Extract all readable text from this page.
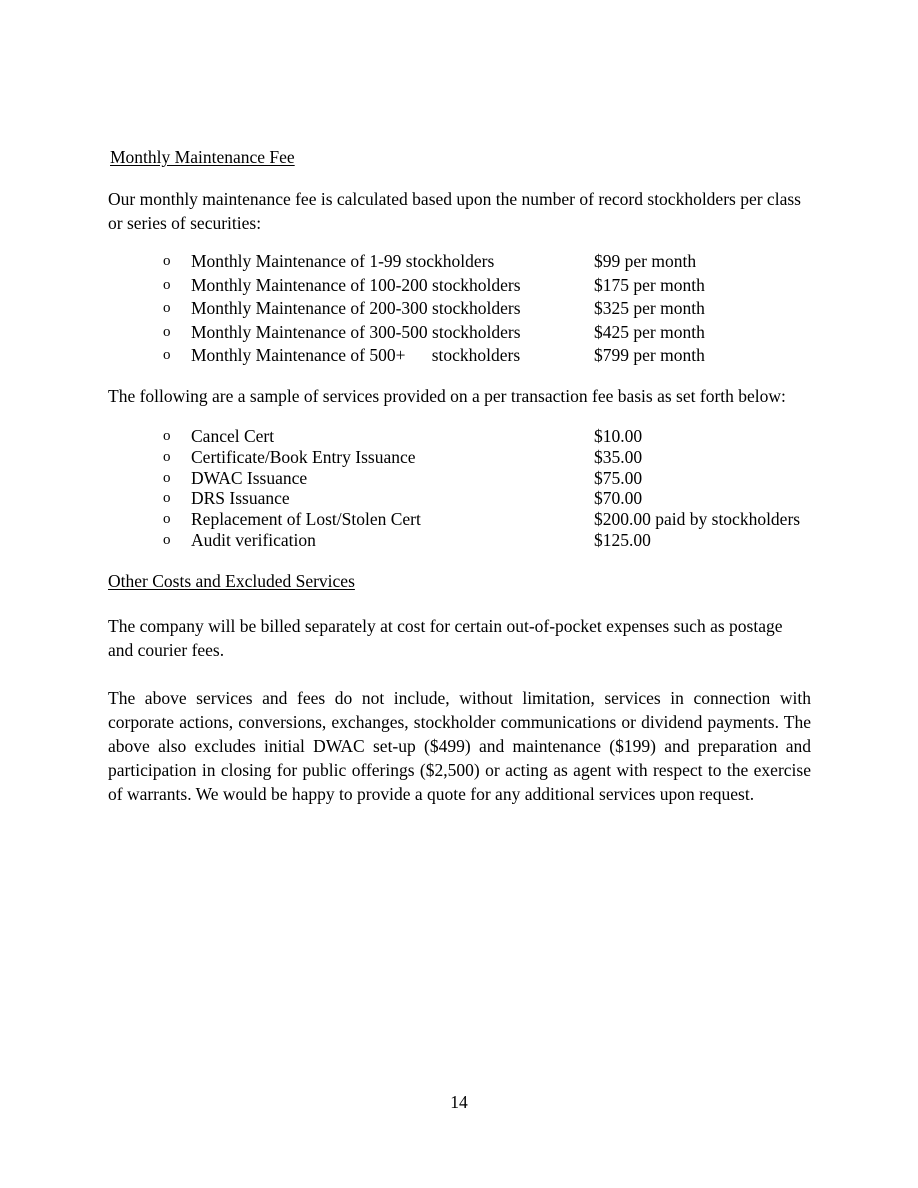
Monthly Maintenance Fee
Our monthly maintenance fee is calculated based upon the number of record stockholders per class or series of securities:
o Monthly Maintenance of 1-99 stockholders	$99 per month
o Monthly Maintenance of 100-200 stockholders	$175 per month
o Monthly Maintenance of 200-300 stockholders	$325 per month
o Monthly Maintenance of 300-500 stockholders	$425 per month
o Monthly Maintenance of 500+      stockholders	$799 per month
The following are a sample of services provided on a per transaction fee basis as set forth below:
o Cancel Cert	$10.00
o Certificate/Book Entry Issuance	$35.00
o DWAC Issuance	$75.00
o DRS Issuance	$70.00
o Replacement of Lost/Stolen Cert	$200.00 paid by stockholders
o Audit verification	$125.00
Other Costs and Excluded Services
The company will be billed separately at cost for certain out-of-pocket expenses such as postage and courier fees.
The above services and fees do not include, without limitation, services in connection with corporate actions, conversions, exchanges, stockholder communications or dividend payments. The above also excludes initial DWAC set-up ($499) and maintenance ($199) and preparation and participation in closing for public offerings ($2,500) or acting as agent with respect to the exercise of warrants. We would be happy to provide a quote for any additional services upon request.
14
